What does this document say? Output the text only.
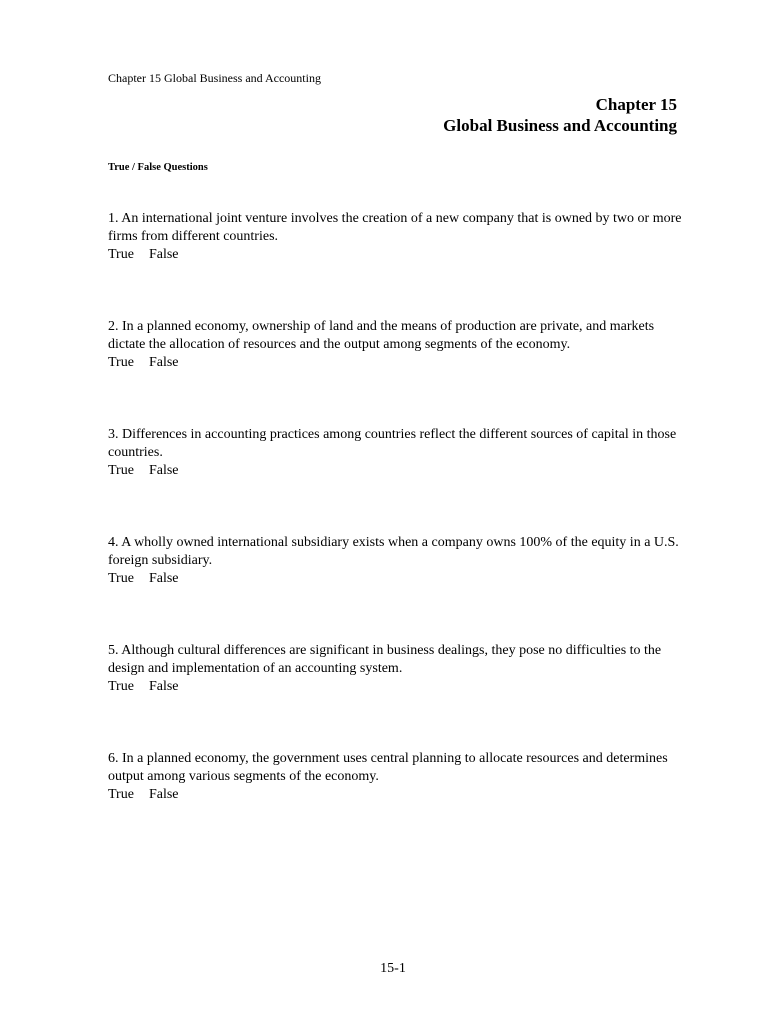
Chapter 15 Global Business and Accounting
Chapter 15
Global Business and Accounting
True / False Questions
1. An international joint venture involves the creation of a new company that is owned by two or more firms from different countries.
True False
2. In a planned economy, ownership of land and the means of production are private, and markets dictate the allocation of resources and the output among segments of the economy.
True False
3. Differences in accounting practices among countries reflect the different sources of capital in those countries.
True False
4. A wholly owned international subsidiary exists when a company owns 100% of the equity in a U.S. foreign subsidiary.
True False
5. Although cultural differences are significant in business dealings, they pose no difficulties to the design and implementation of an accounting system.
True False
6. In a planned economy, the government uses central planning to allocate resources and determines output among various segments of the economy.
True False
15-1
